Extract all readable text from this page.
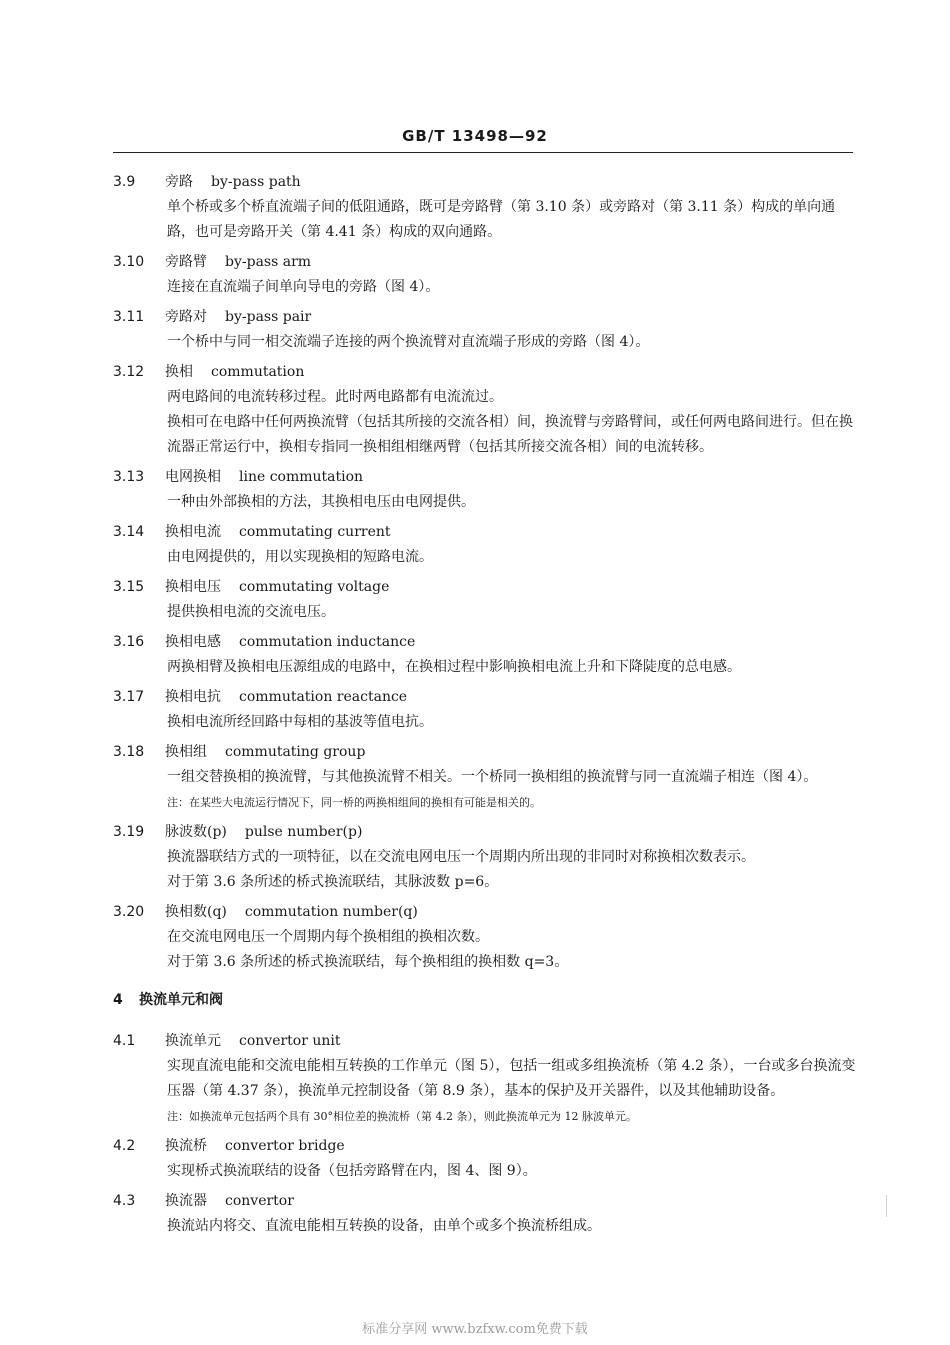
GB/T 13498—92
3.9 旁路 by-pass path
单个桥或多个桥直流端子间的低阻通路，既可是旁路臂（第 3.10 条）或旁路对（第 3.11 条）构成的单向通路，也可是旁路开关（第 4.41 条）构成的双向通路。
3.10 旁路臂 by-pass arm
连接在直流端子间单向导电的旁路（图 4）。
3.11 旁路对 by-pass pair
一个桥中与同一相交流端子连接的两个换流臂对直流端子形成的旁路（图 4）。
3.12 换相 commutation
两电路间的电流转移过程。此时两电路都有电流流过。
换相可在电路中任何两换流臂（包括其所接的交流各相）间，换流臂与旁路臂间，或任何两电路间进行。但在换流器正常运行中，换相专指同一换相组相继两臂（包括其所接交流各相）间的电流转移。
3.13 电网换相 line commutation
一种由外部换相的方法，其换相电压由电网提供。
3.14 换相电流 commutating current
由电网提供的，用以实现换相的短路电流。
3.15 换相电压 commutating voltage
提供换相电流的交流电压。
3.16 换相电感 commutation inductance
两换相臂及换相电压源组成的电路中，在换相过程中影响换相电流上升和下降陡度的总电感。
3.17 换相电抗 commutation reactance
换相电流所经回路中每相的基波等值电抗。
3.18 换相组 commutating group
一组交替换相的换流臂，与其他换流臂不相关。一个桥同一换相组的换流臂与同一直流端子相连（图 4）。
注：在某些大电流运行情况下，同一桥的两换相组间的换相有可能是相关的。
3.19 脉波数(p) pulse number(p)
换流器联结方式的一项特征，以在交流电网电压一个周期内所出现的非同时对称换相次数表示。
对于第 3.6 条所述的桥式换流联结，其脉波数 p=6。
3.20 换相数(q) commutation number(q)
在交流电网电压一个周期内每个换相组的换相次数。
对于第 3.6 条所述的桥式换流联结，每个换相组的换相数 q=3。
4 换流单元和阀
4.1 换流单元 convertor unit
实现直流电能和交流电能相互转换的工作单元（图 5），包括一组或多组换流桥（第 4.2 条），一台或多台换流变压器（第 4.37 条），换流单元控制设备（第 8.9 条），基本的保护及开关器件，以及其他辅助设备。
注：如换流单元包括两个具有 30°相位差的换流桥（第 4.2 条），则此换流单元为 12 脉波单元。
4.2 换流桥 convertor bridge
实现桥式换流联结的设备（包括旁路臂在内，图 4、图 9）。
4.3 换流器 convertor
换流站内将交、直流电能相互转换的设备，由单个或多个换流桥组成。
标准分享网 www.bzfxw.com免费下载
